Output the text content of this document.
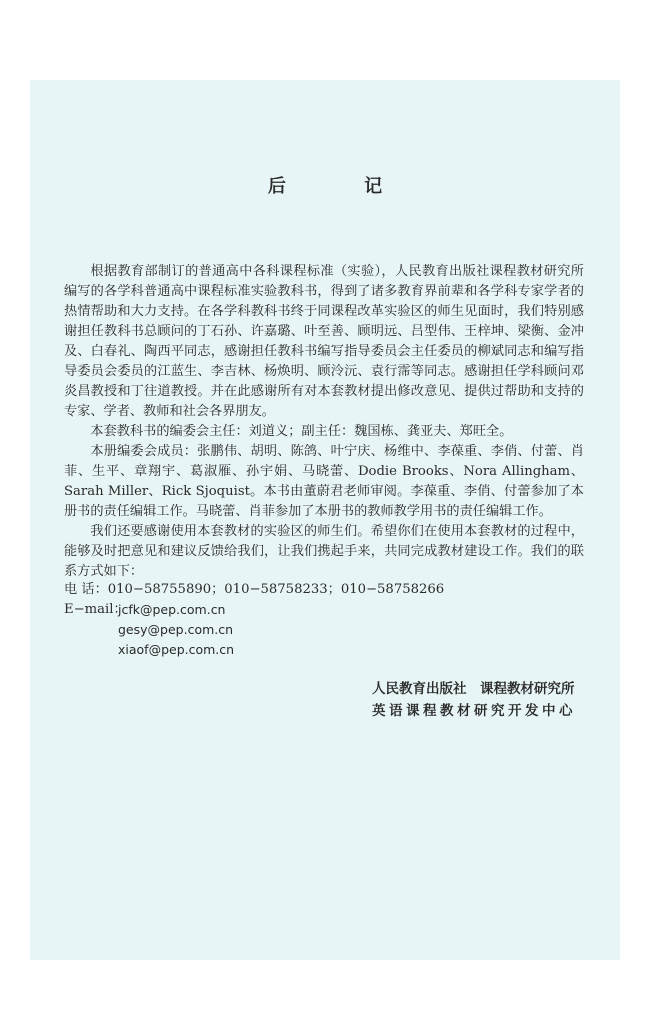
后 记

根据教育部制订的普通高中各科课程标准（实验），人民教育出版社课程教材研究所编写的各学科普通高中课程标准实验教科书，得到了诸多教育界前辈和各学科专家学者的热情帮助和大力支持。在各学科教科书终于同课程改革实验区的师生见面时，我们特别感谢担任教科书总顾问的丁石孙、许嘉璐、叶至善、顾明远、吕型伟、王梓坤、梁衡、金冲及、白春礼、陶西平同志，感谢担任教科书编写指导委员会主任委员的柳斌同志和编写指导委员会委员的江蓝生、李吉林、杨焕明、顾泠沅、袁行霈等同志。感谢担任学科顾问邓炎昌教授和丁往道教授。并在此感谢所有对本套教材提出修改意见、提供过帮助和支持的专家、学者、教师和社会各界朋友。

本套教科书的编委会主任：刘道义；副主任：魏国栋、龚亚夫、郑旺全。

本册编委会成员：张鹏伟、胡明、陈鸽、叶宁庆、杨维中、李葆重、李俏、付蕾、肖菲、生平、章翔宇、葛淑雁、孙宇娟、马晓蕾、Dodie Brooks、Nora Allingham、Sarah Miller、Rick Sjoquist。本书由董蔚君老师审阅。李葆重、李俏、付蕾参加了本册书的责任编辑工作。马晓蕾、肖菲参加了本册书的教师教学用书的责任编辑工作。

我们还要感谢使用本套教材的实验区的师生们。希望你们在使用本套教材的过程中，能够及时把意见和建议反馈给我们，让我们携起手来，共同完成教材建设工作。我们的联系方式如下：

电 话：010−58755890；010−58758233；010−58758266
E−mail：
jcfk@pep.com.cn
gesy@pep.com.cn
xiaof@pep.com.cn
人民教育出版社　课程教材研究所
英语课程教材研究开发中心
